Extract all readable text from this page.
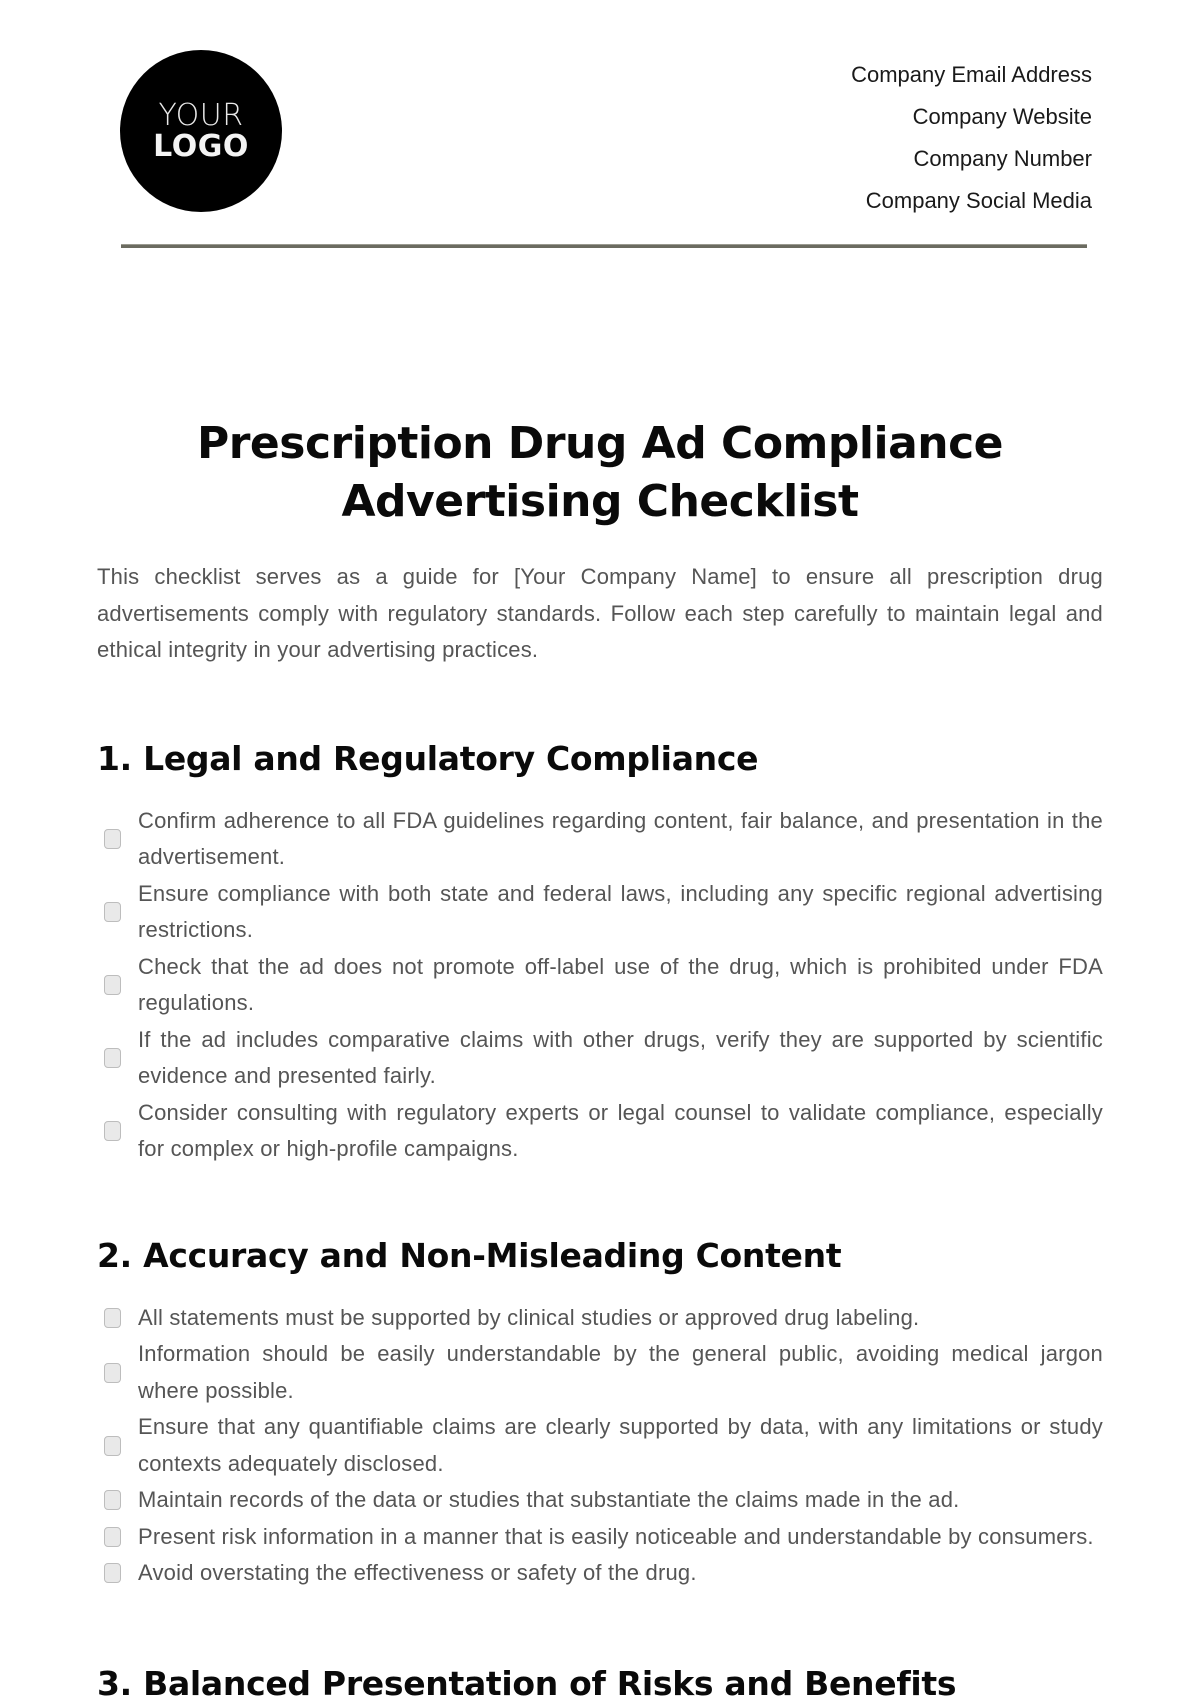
YOUR
LOGO
Company Email Address
Company Website
Company Number
Company Social Media
Prescription Drug Ad Compliance
Advertising Checklist

This checklist serves as a guide for [Your Company Name] to ensure all prescription drug advertisements comply with regulatory standards. Follow each step carefully to maintain legal and ethical integrity in your advertising practices.

1. Legal and Regulatory Compliance
Confirm adherence to all FDA guidelines regarding content, fair balance, and presentation in the advertisement.
Ensure compliance with both state and federal laws, including any specific regional advertising restrictions.
Check that the ad does not promote off-label use of the drug, which is prohibited under FDA regulations.
If the ad includes comparative claims with other drugs, verify they are supported by scientific evidence and presented fairly.
Consider consulting with regulatory experts or legal counsel to validate compliance, especially for complex or high-profile campaigns.
2. Accuracy and Non-Misleading Content
All statements must be supported by clinical studies or approved drug labeling.
Information should be easily understandable by the general public, avoiding medical jargon where possible.
Ensure that any quantifiable claims are clearly supported by data, with any limitations or study contexts adequately disclosed.
Maintain records of the data or studies that substantiate the claims made in the ad.
Present risk information in a manner that is easily noticeable and understandable by consumers.
Avoid overstating the effectiveness or safety of the drug.
3. Balanced Presentation of Risks and Benefits
